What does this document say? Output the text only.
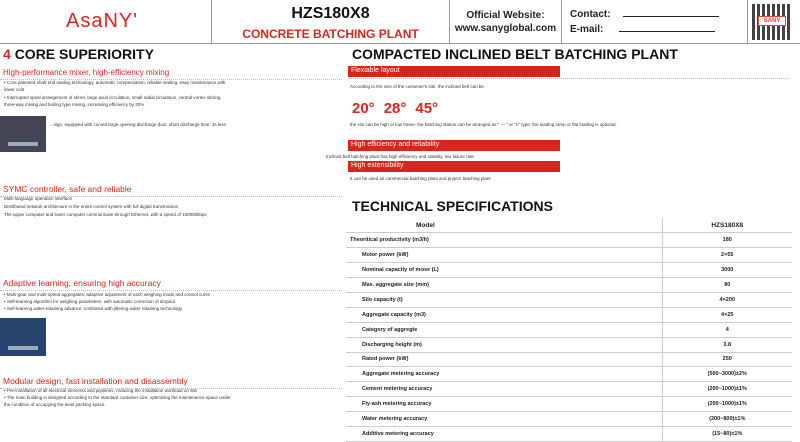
AsaNY'	HZS180X8
CONCRETE BATCHING PLANT
Official Website:
www.sanyglobal.com
Contact:
E-mail:
SANY
4 CORE SUPERIORITY
High-performance mixer, high-efficiency mixing
• Core patented shaft end sealing technology, automatic compensation, reliable sealing, easy maintenance with lower cost
• Interrupted spiral arrangement of stirrer, large axial circulation, small radial circulation, central vortex stirring, three-way mixing and boiling type mixing, increasing efficiency by 20%
...sign, equipped with curved large opening discharge door, short discharge time, 3s less
SYMC controller, safe and reliable
Multi-language operation interface
Distributed network architecture in the entire control system with full digital transmission
The upper computer and lower computer communicate through Ethernet, with a speed of 100000kbps
Adaptive learning, ensuring high accuracy
• Multi-gear and multi-speed aggregates, adaptive adjustment of each weighing mode and control curve
• Self-learning algorithm for weighing parameters, with automatic correction of dropout
• Self-learning water-retaining advance, combined with jittering water retaining technology
Modular design, fast installation and disassembly
• Pre-installation of all electrical elements and pipelines, reducing the installation workload on site
• The main building is designed according to the standard container size, optimizing the maintenance space under the condition of occupying the least packing space.
COMPACTED INCLINED BELT BATCHING PLANT
Flexiable layout
According to the size of the customer's site, the inclined belt can be
20° 28° 45°
the silo can be high or low frame; the batching station can be arranged as " — " or "L" type, the loading ramp or flat loading is optional.
High efficiency and reliability
Inclined belt batching plant has high efficiency and stability, low failure rate
High extensibility
It can be used as commercial batching plant and project batching plant
TECHNICAL SPECIFICATIONS
Model	HZS180X8
Theoritical productivity (m3/h)	180
Motor power (kW)	2×55
Nominal capacity of mixer (L)	3000
Max. aggregate size (mm)	80
Silo capacity (t)	4×200
Aggregate capacity (m3)	4×25
Category of aggregte	4
Discharging height (m)	3.8
Rated power (kW)	250
Aggregate metering accuracy	(500~3000)±2%
Cement metering accuracy	(200~1000)±1%
Fly-ash metering accuracy	(200~1000)±1%
Water metering accuracy	(200~800)±1%
Additive metering accuracy	(15~80)±1%
